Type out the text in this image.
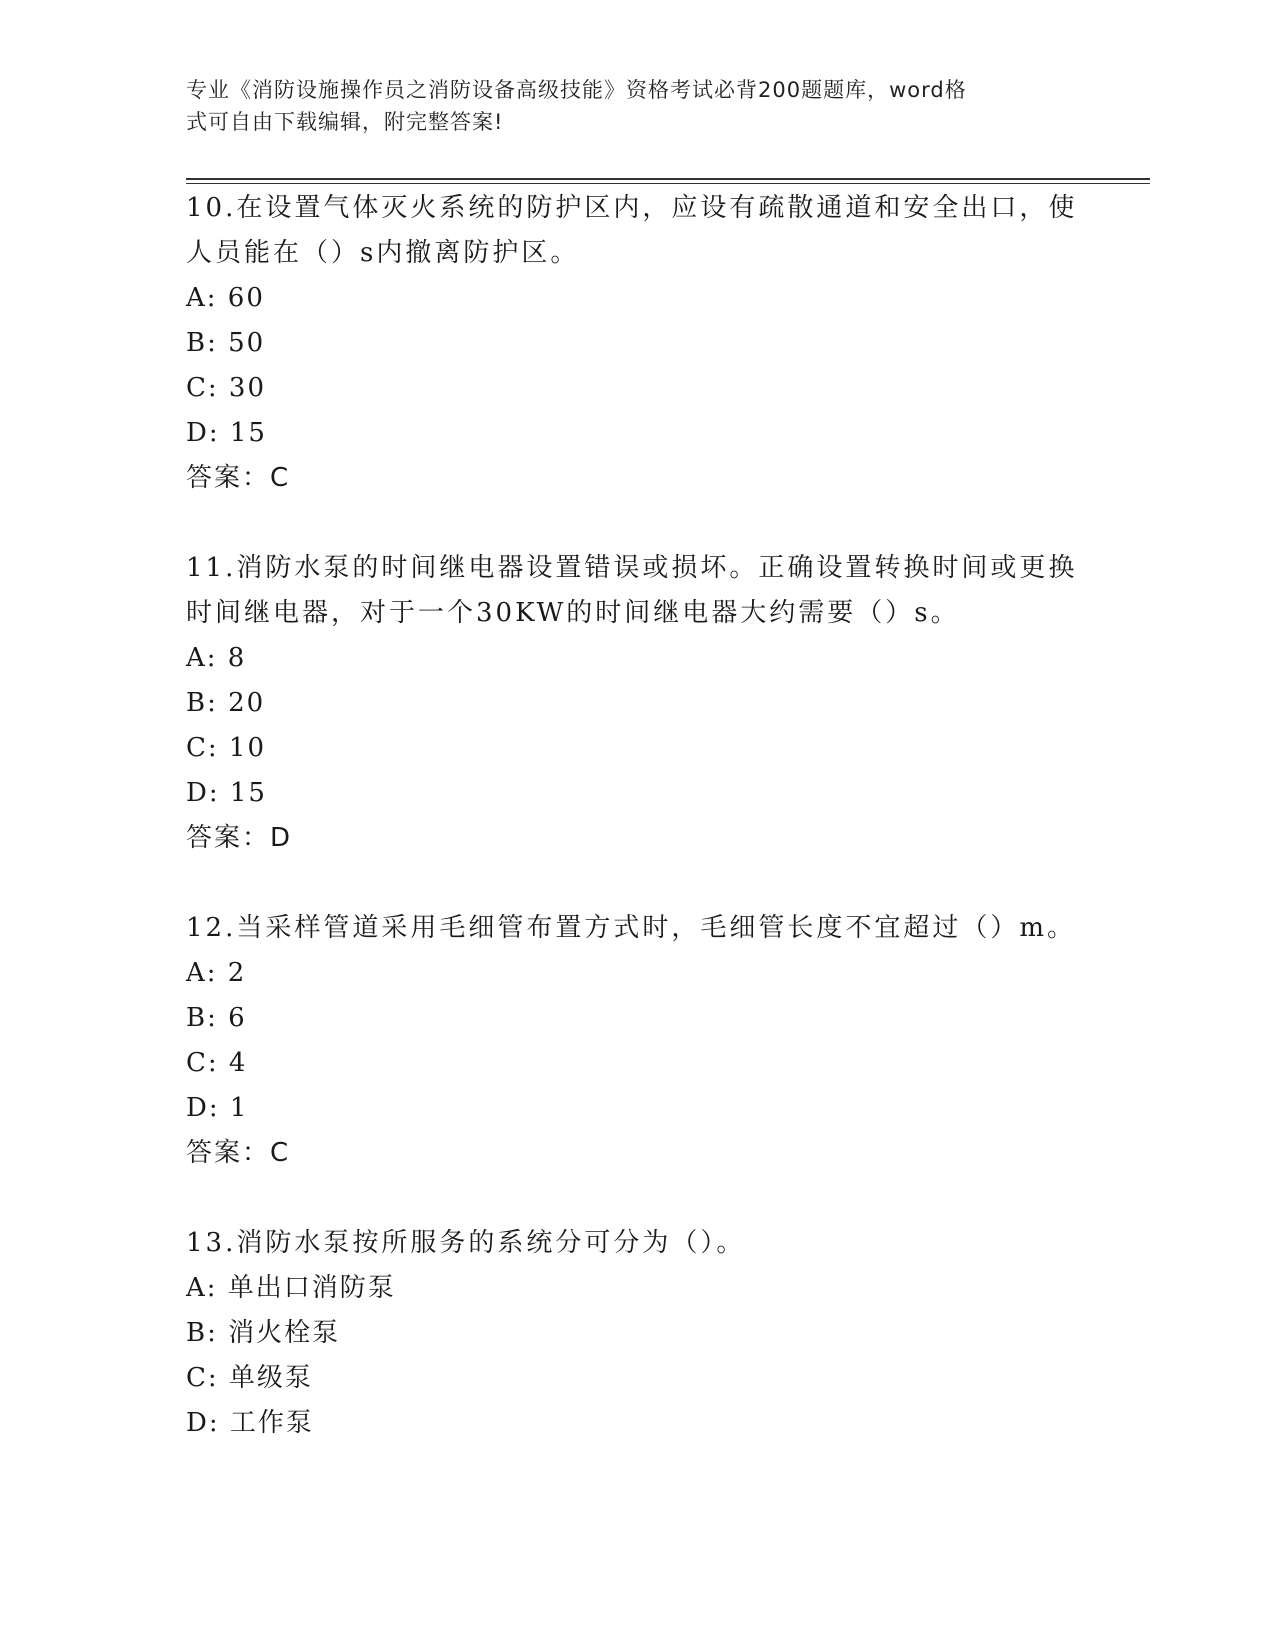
专业《消防设施操作员之消防设备高级技能》资格考试必背200题题库，word格
式可自由下载编辑，附完整答案!
10.在设置气体灭火系统的防护区内，应设有疏散通道和安全出口，使
人员能在（）s内撤离防护区。
A: 60
B: 50
C: 30
D: 15
答案：C
11.消防水泵的时间继电器设置错误或损坏。正确设置转换时间或更换
时间继电器，对于一个30KW的时间继电器大约需要（）s。
A: 8
B: 20
C: 10
D: 15
答案：D
12.当采样管道采用毛细管布置方式时，毛细管长度不宜超过（）m。
A: 2
B: 6
C: 4
D: 1
答案：C
13.消防水泵按所服务的系统分可分为（）。
A: 单出口消防泵
B: 消火栓泵
C: 单级泵
D: 工作泵
